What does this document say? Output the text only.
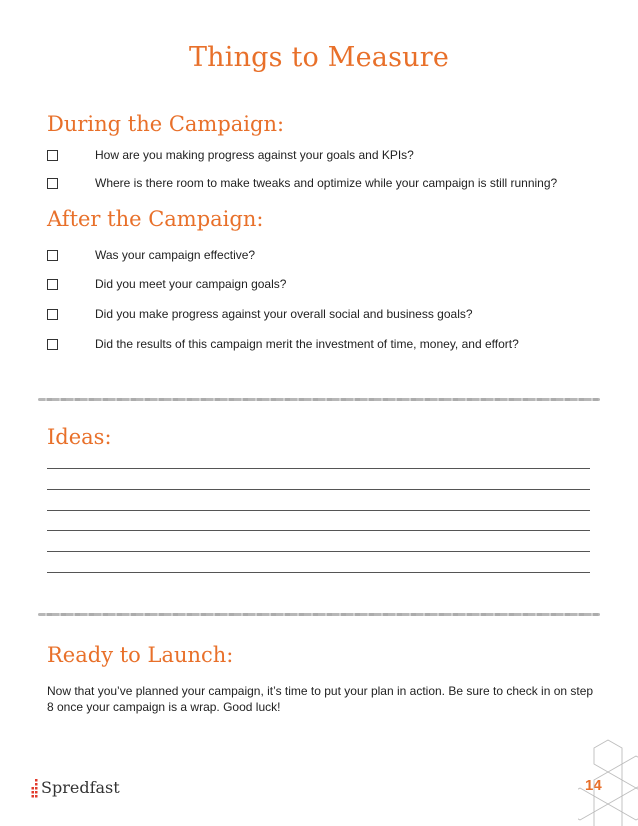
Things to Measure
During the Campaign:
How are you making progress against your goals and KPIs?
Where is there room to make tweaks and optimize while your campaign is still running?
After the Campaign:
Was your campaign effective?
Did you meet your campaign goals?
Did you make progress against your overall social and business goals?
Did the results of this campaign merit the investment of time, money, and effort?
Ideas:
Ready to Launch:
Now that you’ve planned your campaign, it’s time to put your plan in action. Be sure to check in on step 8 once your campaign is a wrap. Good luck!
Spredfast	14
